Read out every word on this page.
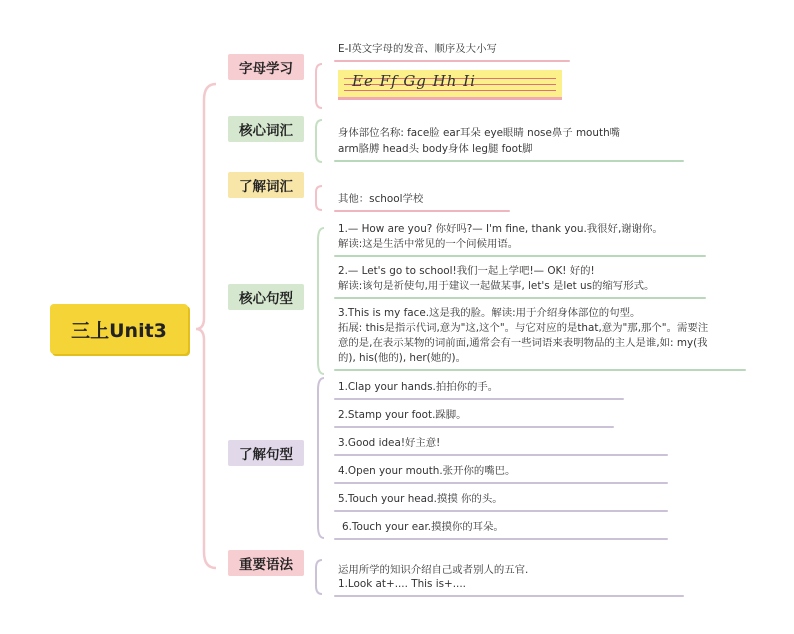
三上Unit3
字母学习
核心词汇
了解词汇
核心句型
了解句型
重要语法
E-I英文字母的发音、顺序及大小写
Ee Ff Gg Hh Ii
身体部位名称: face脸 ear耳朵 eye眼睛 nose鼻子 mouth嘴
arm胳膊 head头 body身体 leg腿 foot脚
其他：school学校
1.— How are you? 你好吗?— I'm fine, thank you.我很好,谢谢你。
解读:这是生活中常见的一个问候用语。
2.— Let's go to school!我们一起上学吧!— OK! 好的!
解读:该句是祈使句,用于建议一起做某事, let's 是let us的缩写形式。
3.This is my face.这是我的脸。解读:用于介绍身体部位的句型。
拓展: this是指示代词,意为"这,这个"。与它对应的是that,意为"那,那个"。需要注
意的是,在表示某物的词前面,通常会有一些词语来表明物品的主人是谁,如: my(我
的), his(他的), her(她的)。
1.Clap your hands.拍拍你的手。
2.Stamp your foot.跺脚。
3.Good idea!好主意!
4.Open your mouth.张开你的嘴巴。
5.Touch your head.摸摸 你的头。
6.Touch your ear.摸摸你的耳朵。
运用所学的知识介绍自己或者别人的五官.
1.Look at+.... This is+....
